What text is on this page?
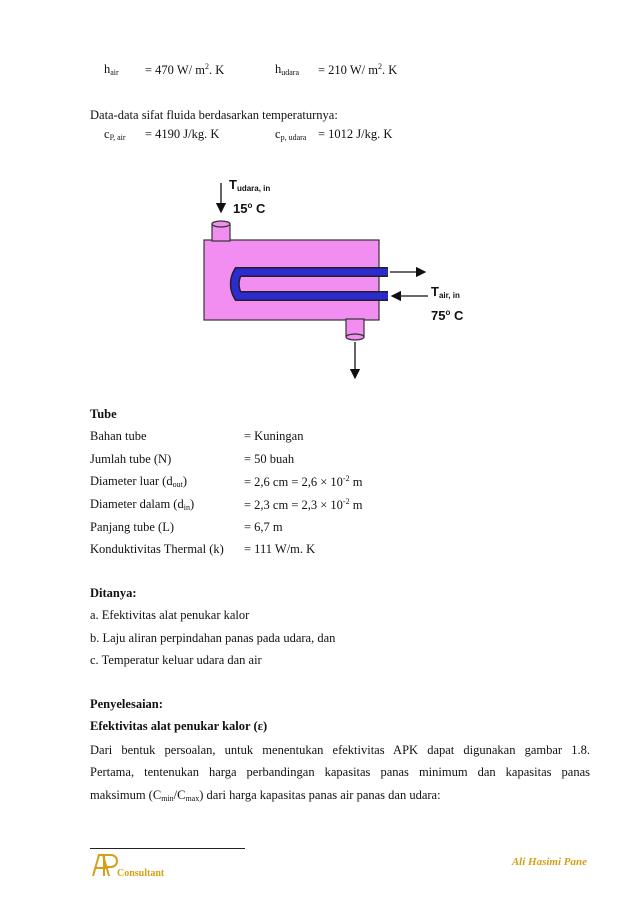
$h_{air} = 470$ W/ $m^2$. K	$h_{udara} = 210$ W/ $m^2$. K
Data-data sifat fluida berdasarkan temperaturnya:
$c_{P, air} = 4190$ J/kg. K	$c_{p, udara} = 1012$ J/kg. K
$T_{udara, in}$
15$^o$ C
$T_{air, in}$
75$^o$ C
Tube
Bahan tube	= Kuningan
Jumlah tube (N)	= 50 buah
Diameter luar $(d_{out})$	= 2,6 cm = $2,6 \times 10^{-2}$ m
Diameter dalam $(d_{in})$	= 2,3 cm = $2,3 \times 10^{-2}$ m
Panjang tube (L)	= 6,7 m
Konduktivitas Thermal (k) = 111 W/m. K
Ditanya:
a. Efektivitas alat penukar kalor
b. Laju aliran perpindahan panas pada udara, dan
c. Temperatur keluar udara dan air
Penyelesaian:
Efektivitas alat penukar kalor (ε)
Dari bentuk persoalan, untuk menentukan efektivitas APK dapat digunakan gambar 1.8.
Pertama, tentenukan harga perbandingan kapasitas panas minimum dan kapasitas panas
maksimum $(C_{min}/C_{max})$ dari harga kapasitas panas air panas dan udara:
Consultant
Ali Hasimi Pane
